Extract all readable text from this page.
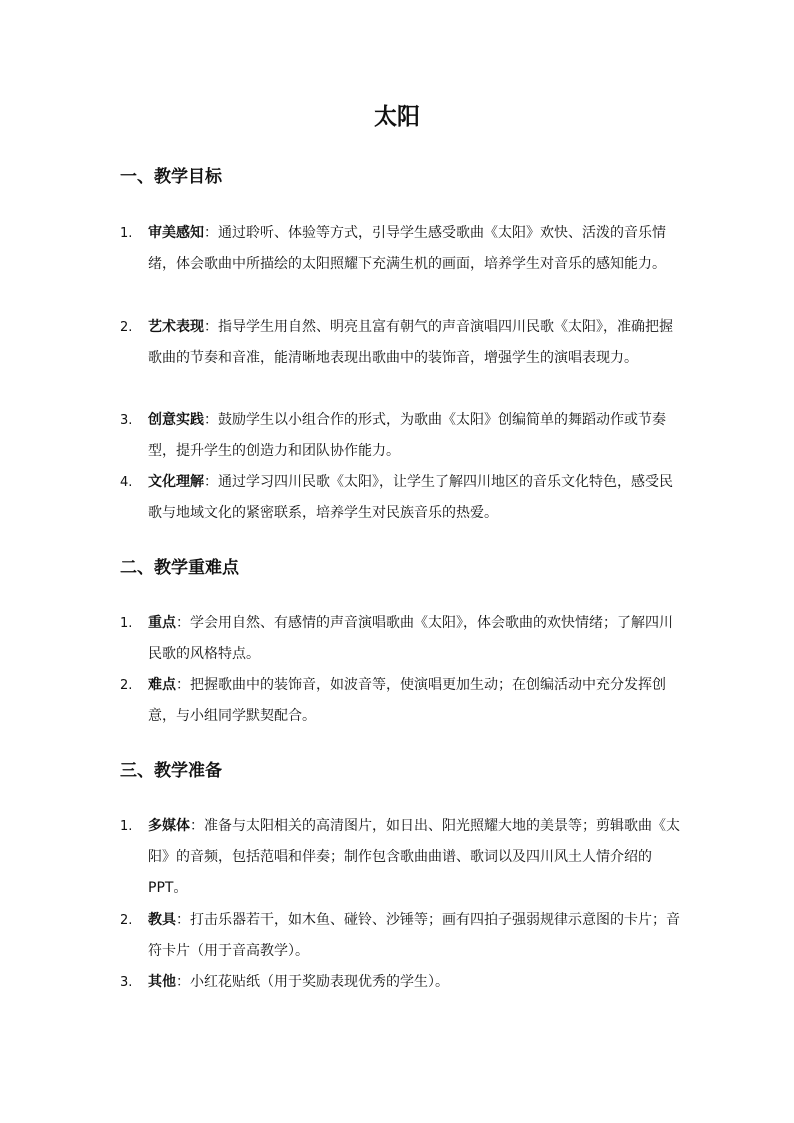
太阳
一、教学目标
1.	审美感知：通过聆听、体验等方式，引导学生感受歌曲《太阳》欢快、活泼的音乐情绪，体会歌曲中所描绘的太阳照耀下充满生机的画面，培养学生对音乐的感知能力。
2.	艺术表现：指导学生用自然、明亮且富有朝气的声音演唱四川民歌《太阳》，准确把握歌曲的节奏和音准，能清晰地表现出歌曲中的装饰音，增强学生的演唱表现力。
3.	创意实践：鼓励学生以小组合作的形式，为歌曲《太阳》创编简单的舞蹈动作或节奏型，提升学生的创造力和团队协作能力。
4.	文化理解：通过学习四川民歌《太阳》，让学生了解四川地区的音乐文化特色，感受民歌与地域文化的紧密联系，培养学生对民族音乐的热爱。
二、教学重难点
1.	重点：学会用自然、有感情的声音演唱歌曲《太阳》，体会歌曲的欢快情绪；了解四川民歌的风格特点。
2.	难点：把握歌曲中的装饰音，如波音等，使演唱更加生动；在创编活动中充分发挥创意，与小组同学默契配合。
三、教学准备
1.	多媒体：准备与太阳相关的高清图片，如日出、阳光照耀大地的美景等；剪辑歌曲《太阳》的音频，包括范唱和伴奏；制作包含歌曲曲谱、歌词以及四川风土人情介绍的 PPT。
2.	教具：打击乐器若干，如木鱼、碰铃、沙锤等；画有四拍子强弱规律示意图的卡片；音符卡片（用于音高教学）。
3.	其他：小红花贴纸（用于奖励表现优秀的学生）。
